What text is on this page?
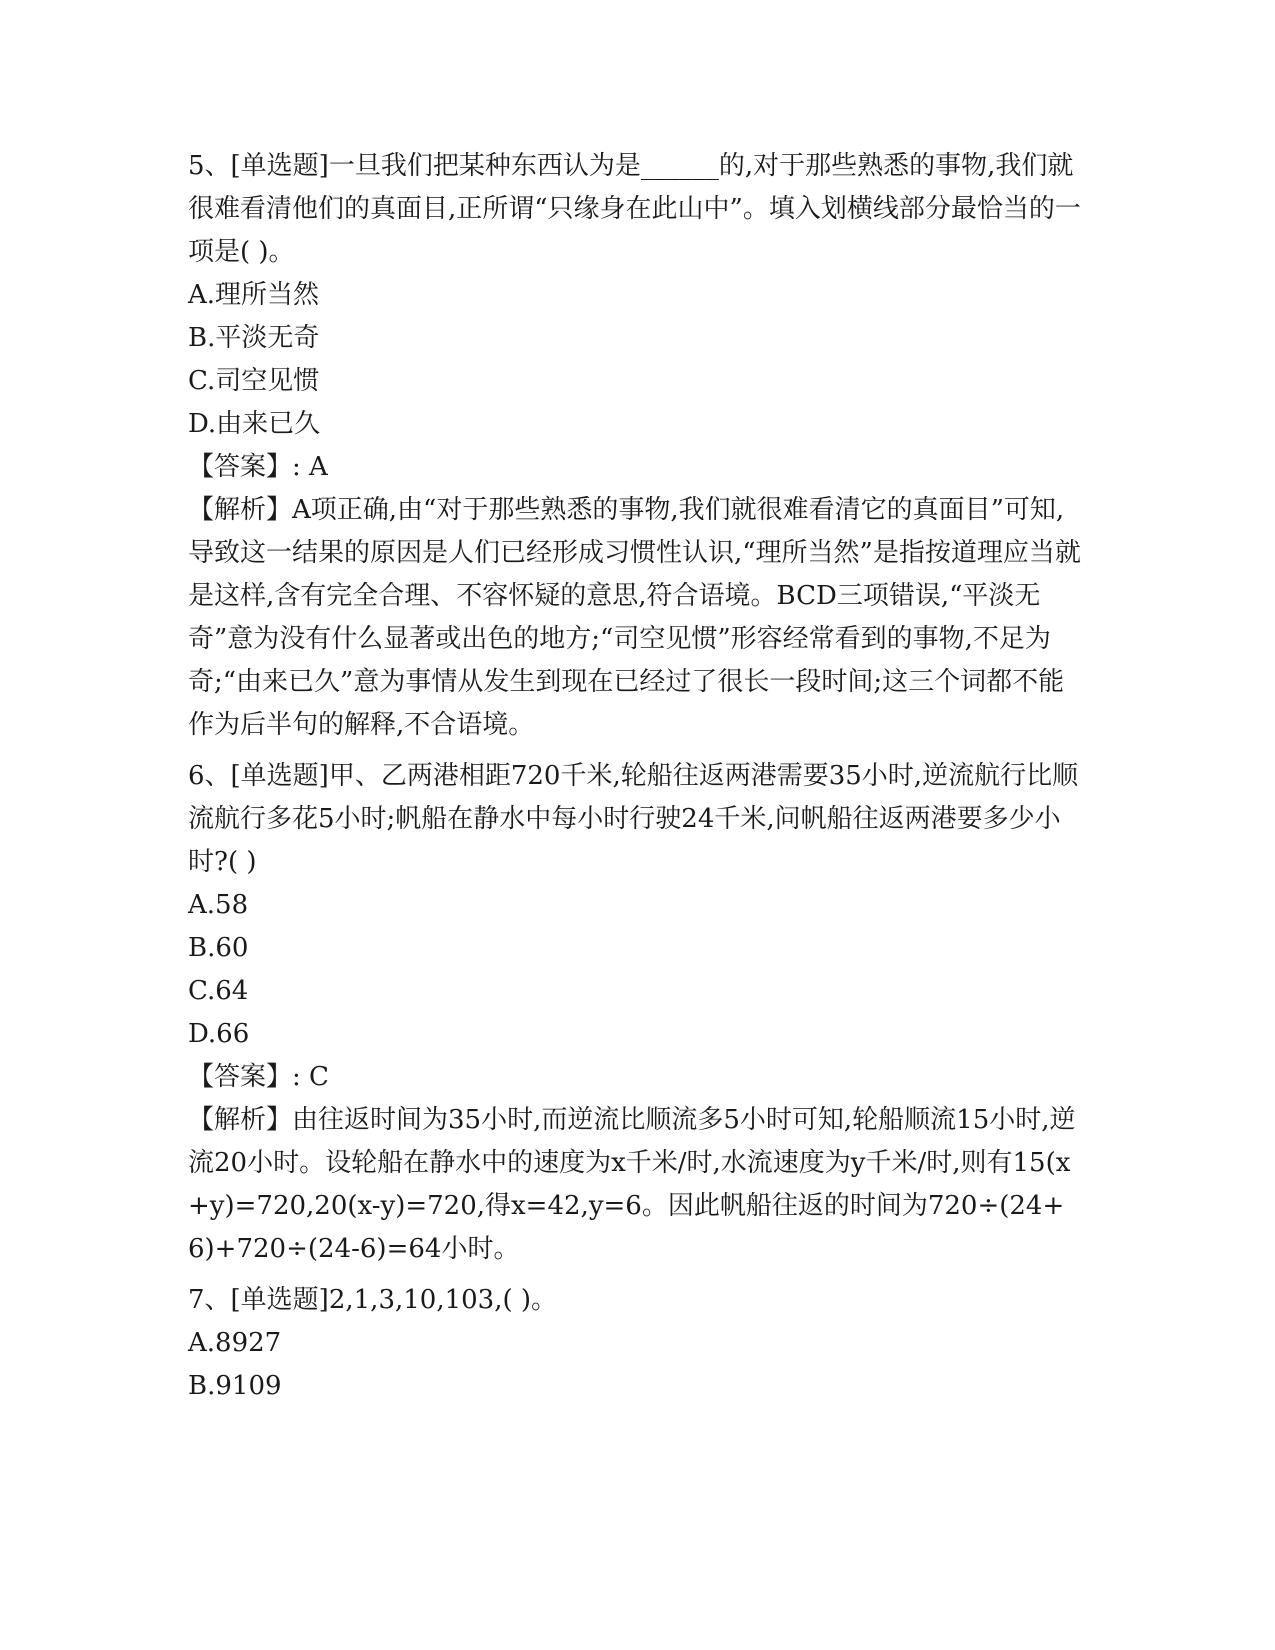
5、[单选题]一旦我们把某种东西认为是______的,对于那些熟悉的事物,我们就很难看清他们的真面目,正所谓“只缘身在此山中”。填入划横线部分最恰当的一项是( )。

A.理所当然

B.平淡无奇

C.司空见惯

D.由来已久

【答案】: A

【解析】A项正确,由“对于那些熟悉的事物,我们就很难看清它的真面目”可知,导致这一结果的原因是人们已经形成习惯性认识,“理所当然”是指按道理应当就是这样,含有完全合理、不容怀疑的意思,符合语境。BCD三项错误,“平淡无奇”意为没有什么显著或出色的地方;“司空见惯”形容经常看到的事物,不足为奇;“由来已久”意为事情从发生到现在已经过了很长一段时间;这三个词都不能作为后半句的解释,不合语境。

6、[单选题]甲、乙两港相距720千米,轮船往返两港需要35小时,逆流航行比顺流航行多花5小时;帆船在静水中每小时行驶24千米,问帆船往返两港要多少小时?( )

A.58

B.60

C.64

D.66

【答案】: C

【解析】由往返时间为35小时,而逆流比顺流多5小时可知,轮船顺流15小时,逆流20小时。设轮船在静水中的速度为x千米/时,水流速度为y千米/时,则有15(x+y)=720,20(x-y)=720,得x=42,y=6。因此帆船往返的时间为720÷(24+6)+720÷(24-6)=64小时。

7、[单选题]2,1,3,10,103,( )。

A.8927

B.9109
